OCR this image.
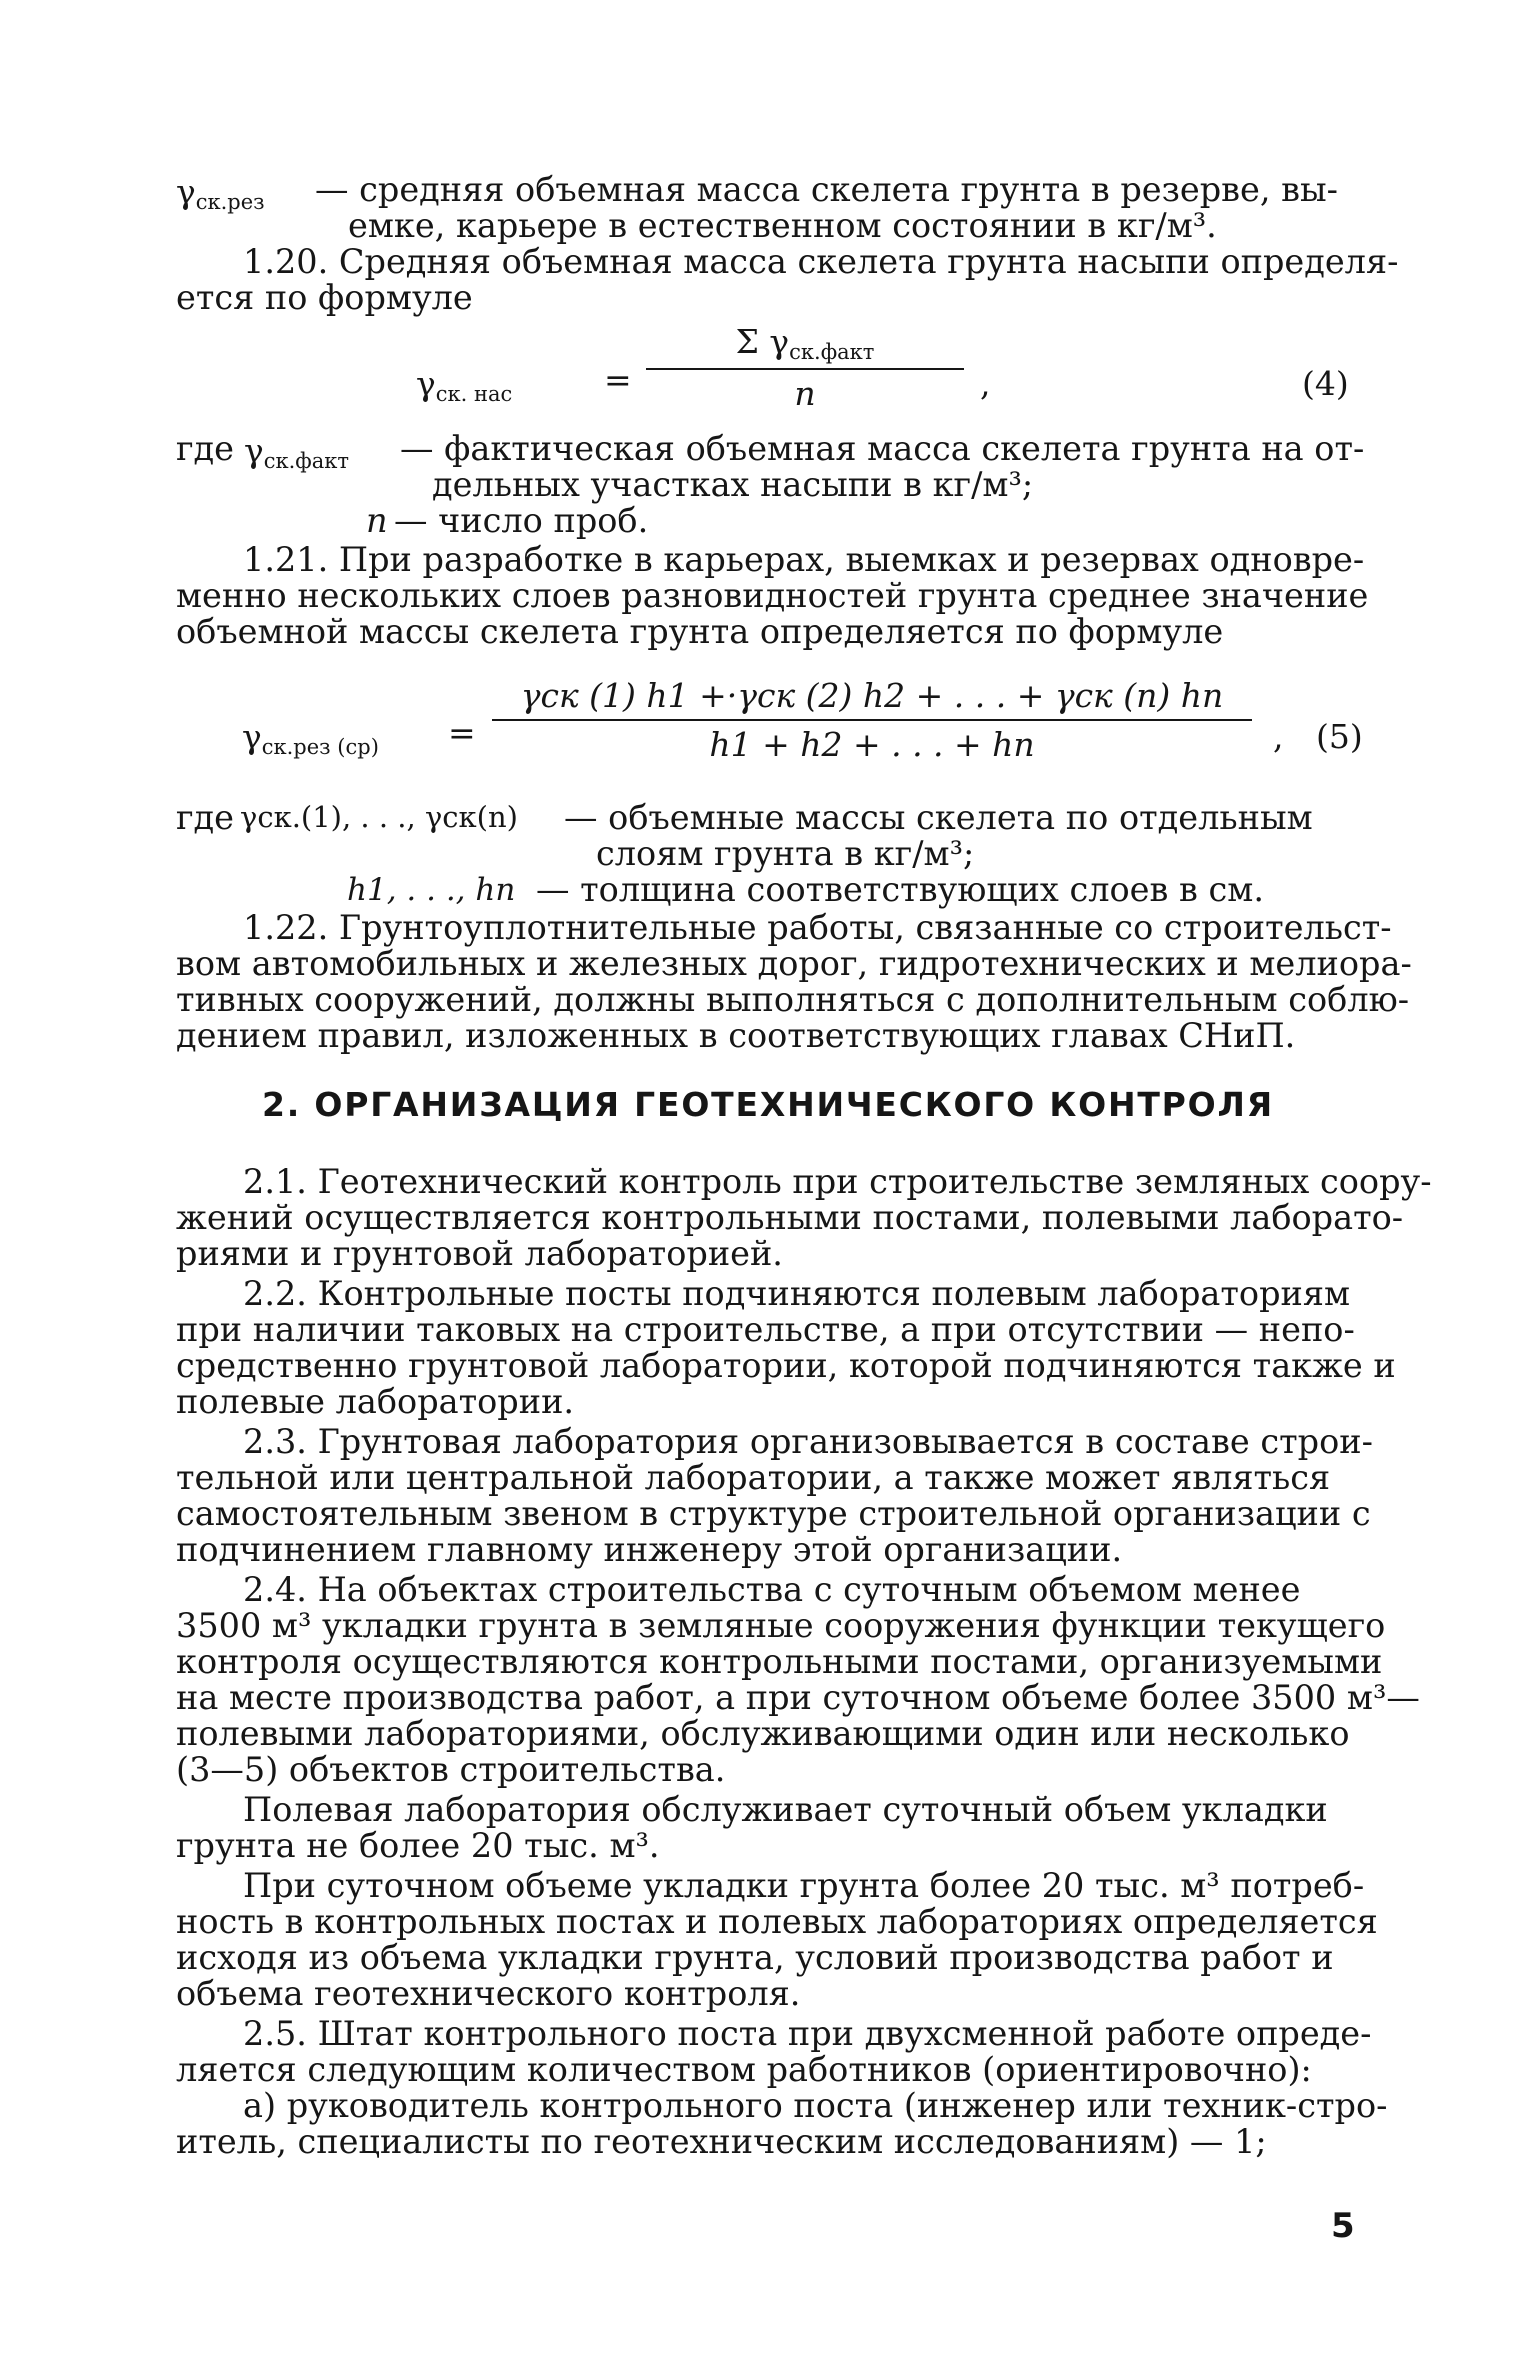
$\gamma_{ск.рез}$ — средняя объемная масса скелета грунта в резерве, вы-

емке, карьере в естественном состоянии в кг/м³.

1.20. Средняя объемная масса скелета грунта насыпи определя-

ется по формуле

$\gamma_{ск. нас}$	=
Σ $\gamma_{ск.факт}$
n	,	(4)

где $\gamma_{ск.факт}$ — фактическая объемная масса скелета грунта на от-

дельных участках насыпи в кг/м³;

n — число проб.

1.21. При разработке в карьерах, выемках и резервах одновре-

менно нескольких слоев разновидностей грунта среднее значение

объемной массы скелета грунта определяется по формуле

$\gamma_{ск.рез (ср)}$ =
γск (1) h1 +·γск (2) h2 + . . . + γск (n) hn
h1 + h2 + . . . + hn	, (5)

где γск.(1), . . ., γск(n) — объемные массы скелета по отдельным

слоям грунта в кг/м³;

h1, . . ., hn — толщина соответствующих слоев в см.

1.22. Грунтоуплотнительные работы, связанные со строительст-

вом автомобильных и железных дорог, гидротехнических и мелиора-

тивных сооружений, должны выполняться с дополнительным соблю-

дением правил, изложенных в соответствующих главах СНиП.

2. ОРГАНИЗАЦИЯ ГЕОТЕХНИЧЕСКОГО КОНТРОЛЯ

2.1. Геотехнический контроль при строительстве земляных соору-

жений осуществляется контрольными постами, полевыми лаборато-

риями и грунтовой лабораторией.

2.2. Контрольные посты подчиняются полевым лабораториям

при наличии таковых на строительстве, а при отсутствии — непо-

средственно грунтовой лаборатории, которой подчиняются также и

полевые лаборатории.

2.3. Грунтовая лаборатория организовывается в составе строи-

тельной или центральной лаборатории, а также может являться

самостоятельным звеном в структуре строительной организации с

подчинением главному инженеру этой организации.

2.4. На объектах строительства с суточным объемом менее

3500 м³ укладки грунта в земляные сооружения функции текущего

контроля осуществляются контрольными постами, организуемыми

на месте производства работ, а при суточном объеме более 3500 м³—

полевыми лабораториями, обслуживающими один или несколько

(3—5) объектов строительства.

Полевая лаборатория обслуживает суточный объем укладки

грунта не более 20 тыс. м³.

При суточном объеме укладки грунта более 20 тыс. м³ потреб-

ность в контрольных постах и полевых лабораториях определяется

исходя из объема укладки грунта, условий производства работ и

объема геотехнического контроля.

2.5. Штат контрольного поста при двухсменной работе опреде-

ляется следующим количеством работников (ориентировочно):

а) руководитель контрольного поста (инженер или техник-стро-

итель, специалисты по геотехническим исследованиям) — 1;

5
